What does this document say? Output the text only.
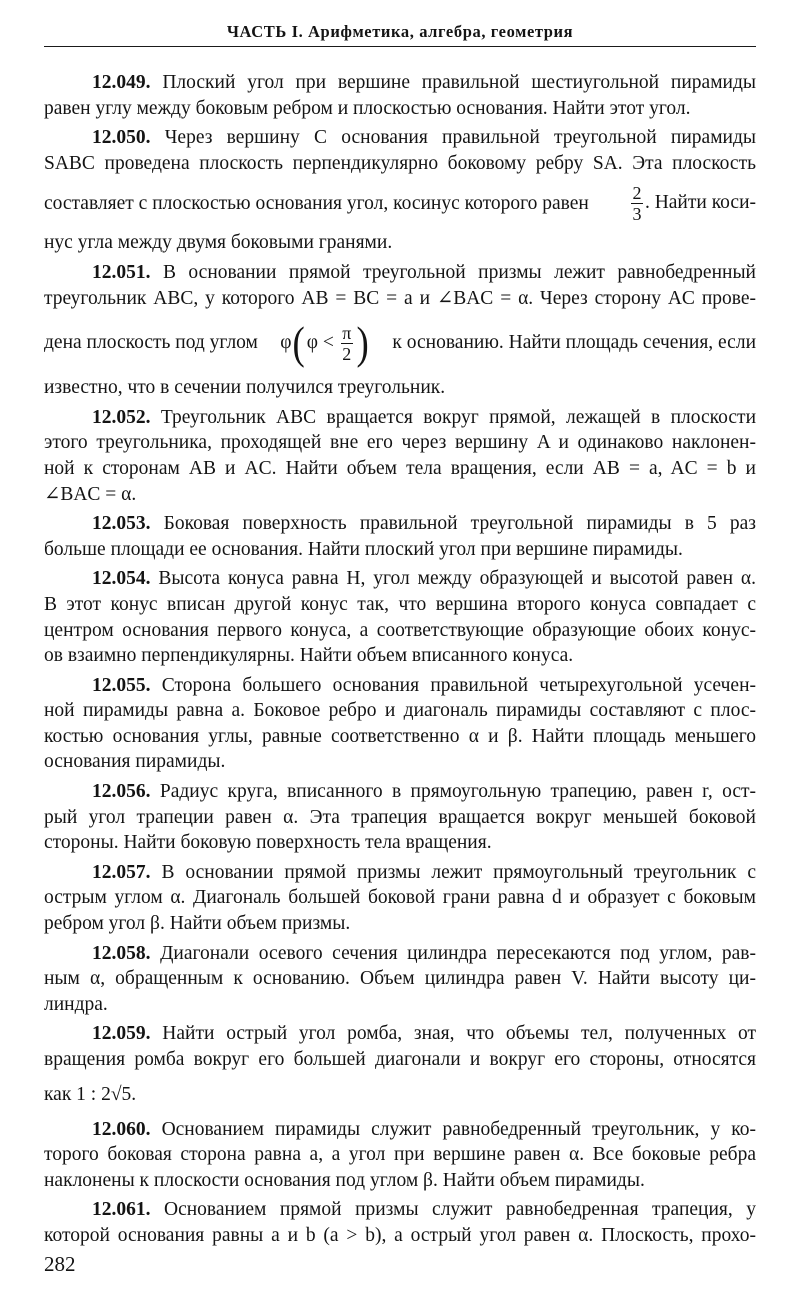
ЧАСТЬ I. Арифметика, алгебра, геометрия
12.049. Плоский угол при вершине правильной шестиугольной пирамиды
равен углу между боковым ребром и плоскостью основания. Найти этот угол.
12.050. Через вершину C основания правильной треугольной пирамиды
SABC проведена плоскость перпендикулярно боковому ребру SA. Эта плоскость
составляет с плоскостью основания угол, косинус которого равен $\frac{2}{3}$ . Найти коси-
нус угла между двумя боковыми гранями.
12.051. В основании прямой треугольной призмы лежит равнобедренный
треугольник ABC, у которого AB = BC = a и ∠BAC = α. Через сторону AC прове-
дена плоскость под углом $\varphi(\varphi < \frac{\pi}{2}$ ) к основанию. Найти площадь сечения, если
известно, что в сечении получился треугольник.
12.052. Треугольник ABC вращается вокруг прямой, лежащей в плоскости
этого треугольника, проходящей вне его через вершину A и одинаково наклонен-
ной к сторонам AB и AC. Найти объем тела вращения, если AB = a, AC = b и
∠BAC = α.
12.053. Боковая поверхность правильной треугольной пирамиды в 5 раз
больше площади ее основания. Найти плоский угол при вершине пирамиды.
12.054. Высота конуса равна H, угол между образующей и высотой равен α.
В этот конус вписан другой конус так, что вершина второго конуса совпадает с
центром основания первого конуса, а соответствующие образующие обоих конус-
ов взаимно перпендикулярны. Найти объем вписанного конуса.
12.055. Сторона большего основания правильной четырехугольной усечен-
ной пирамиды равна a. Боковое ребро и диагональ пирамиды составляют с плос-
костью основания углы, равные соответственно α и β. Найти площадь меньшего
основания пирамиды.
12.056. Радиус круга, вписанного в прямоугольную трапецию, равен r, ост-
рый угол трапеции равен α. Эта трапеция вращается вокруг меньшей боковой
стороны. Найти боковую поверхность тела вращения.
12.057. В основании прямой призмы лежит прямоугольный треугольник с
острым углом α. Диагональ большей боковой грани равна d и образует с боковым
ребром угол β. Найти объем призмы.
12.058. Диагонали осевого сечения цилиндра пересекаются под углом, рав-
ным α, обращенным к основанию. Объем цилиндра равен V. Найти высоту ци-
линдра.
12.059. Найти острый угол ромба, зная, что объемы тел, полученных от
вращения ромба вокруг его большей диагонали и вокруг его стороны, относятся
как 1 : 2√5.
12.060. Основанием пирамиды служит равнобедренный треугольник, у ко-
торого боковая сторона равна a, а угол при вершине равен α. Все боковые ребра
наклонены к плоскости основания под углом β. Найти объем пирамиды.
12.061. Основанием прямой призмы служит равнобедренная трапеция, у
которой основания равны a и b (a > b), а острый угол равен α. Плоскость, прохо-
282
